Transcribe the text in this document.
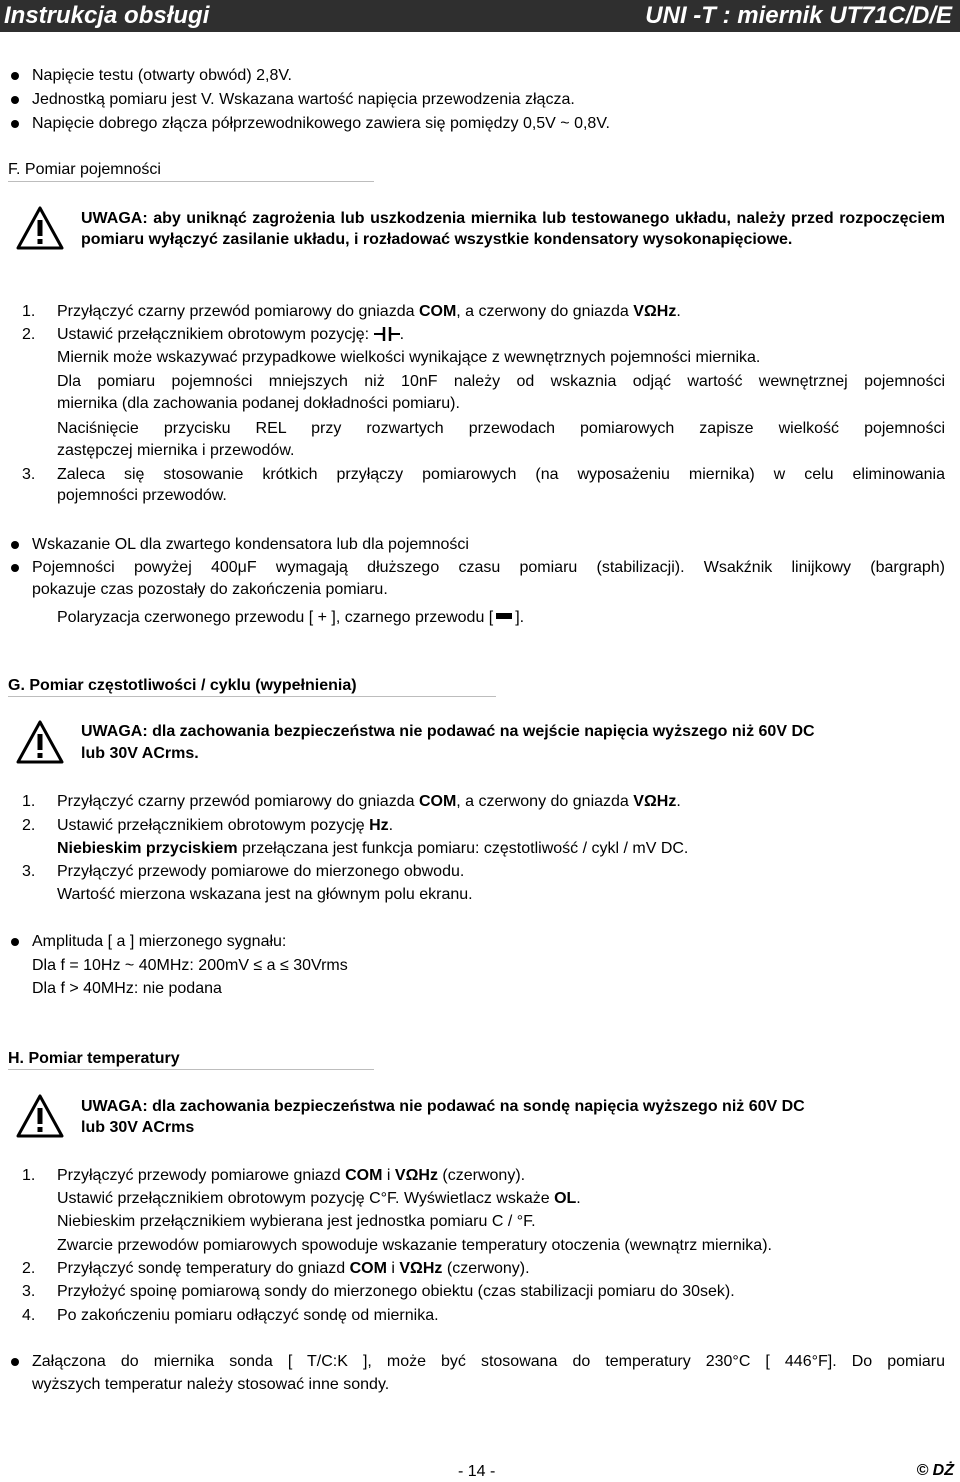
Instrukcja obsługi	UNI -T : miernik UT71C/D/E
Napięcie testu (otwarty obwód) 2,8V.
Jednostką pomiaru jest V. Wskazana wartość napięcia przewodzenia złącza.
Napięcie dobrego złącza półprzewodnikowego zawiera się pomiędzy 0,5V ~ 0,8V.
F. Pomiar pojemności
UWAGA: aby uniknąć zagrożenia lub uszkodzenia miernika lub testowanego układu, należy przed rozpoczęciem pomiaru wyłączyć zasilanie układu, i rozładować wszystkie kondensatory wysokonapięciowe.
1. Przyłączyć czarny przewód pomiarowy do gniazda COM, a czerwony do gniazda VΩHz.
2. Ustawić przełącznikiem obrotowym pozycję: .
Miernik może wskazywać przypadkowe wielkości wynikające z wewnętrznych pojemności miernika.
Dla pomiaru pojemności mniejszych niż 10nF należy od wskaznia odjąć wartość wewnętrznej pojemności
miernika (dla zachowania podanej dokładności pomiaru).
Naciśnięcie przycisku REL przy rozwartych przewodach pomiarowych zapisze wielkość pojemności
zastępczej miernika i przewodów.
3. Zaleca się stosowanie krótkich przyłączy pomiarowych (na wyposażeniu miernika) w celu eliminowania
pojemności przewodów.
Wskazanie OL dla zwartego kondensatora lub dla pojemności
Pojemności powyżej 400μF wymagają dłuższego czasu pomiaru (stabilizacji). Wsakźnik linijkowy (bargraph)
pokazuje czas pozostały do zakończenia pomiaru.
Polaryzacja czerwonego przewodu [ + ], czarnego przewodu [ ].
G. Pomiar częstotliwości / cyklu (wypełnienia)
UWAGA: dla zachowania bezpieczeństwa nie podawać na wejście napięcia wyższego niż 60V DC
lub 30V ACrms.
1. Przyłączyć czarny przewód pomiarowy do gniazda COM, a czerwony do gniazda VΩHz.
2. Ustawić przełącznikiem obrotowym pozycję Hz.
Niebieskim przyciskiem przełączana jest funkcja pomiaru: częstotliwość / cykl / mV DC.
3. Przyłączyć przewody pomiarowe do mierzonego obwodu.
Wartość mierzona wskazana jest na głównym polu ekranu.
Amplituda [ a ] mierzonego sygnału:
Dla f = 10Hz ~ 40MHz: 200mV ≤ a ≤ 30Vrms
Dla f > 40MHz: nie podana
H. Pomiar temperatury
UWAGA: dla zachowania bezpieczeństwa nie podawać na sondę napięcia wyższego niż 60V DC
lub 30V ACrms
1. Przyłączyć przewody pomiarowe gniazd COM i VΩHz (czerwony).
Ustawić przełącznikiem obrotowym pozycję C°F. Wyświetlacz wskaże OL.
Niebieskim przełącznikiem wybierana jest jednostka pomiaru C / °F.
Zwarcie przewodów pomiarowych spowoduje wskazanie temperatury otoczenia (wewnątrz miernika).
2. Przyłączyć sondę temperatury do gniazd COM i VΩHz (czerwony).
3. Przyłożyć spoinę pomiarową sondy do mierzonego obiektu (czas stabilizacji pomiaru do 30sek).
4. Po zakończeniu pomiaru odłączyć sondę od miernika.
Załączona do miernika sonda [ T/C:K ], może być stosowana do temperatury 230°C [ 446°F]. Do pomiaru
wyższych temperatur należy stosować inne sondy.
- 14 -	© DŻ
